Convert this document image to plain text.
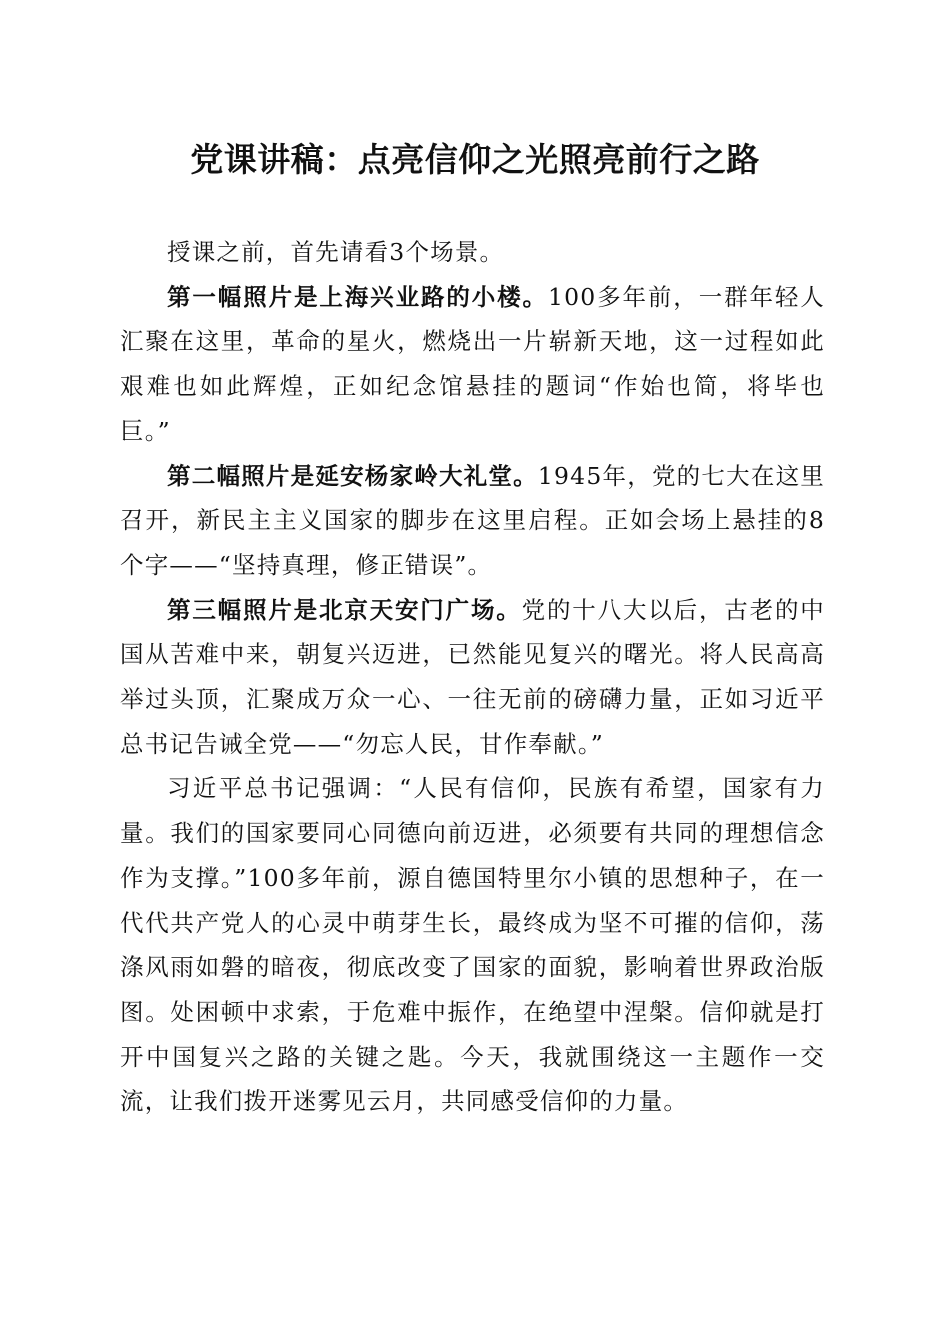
党课讲稿：点亮信仰之光照亮前行之路

授课之前，首先请看3个场景。

第一幅照片是上海兴业路的小楼。100多年前，一群年轻人汇聚在这里，革命的星火，燃烧出一片崭新天地，这一过程如此艰难也如此辉煌，正如纪念馆悬挂的题词“作始也简，将毕也巨。”

第二幅照片是延安杨家岭大礼堂。1945年，党的七大在这里召开，新民主主义国家的脚步在这里启程。正如会场上悬挂的8个字——“坚持真理，修正错误”。

第三幅照片是北京天安门广场。党的十八大以后，古老的中国从苦难中来，朝复兴迈进，已然能见复兴的曙光。将人民高高举过头顶，汇聚成万众一心、一往无前的磅礴力量，正如习近平总书记告诫全党——“勿忘人民，甘作奉献。”

习近平总书记强调：“人民有信仰，民族有希望，国家有力量。我们的国家要同心同德向前迈进，必须要有共同的理想信念作为支撑。”100多年前，源自德国特里尔小镇的思想种子，在一代代共产党人的心灵中萌芽生长，最终成为坚不可摧的信仰，荡涤风雨如磐的暗夜，彻底改变了国家的面貌，影响着世界政治版图。处困顿中求索，于危难中振作，在绝望中涅槃。信仰就是打开中国复兴之路的关键之匙。今天，我就围绕这一主题作一交流，让我们拨开迷雾见云月，共同感受信仰的力量。
